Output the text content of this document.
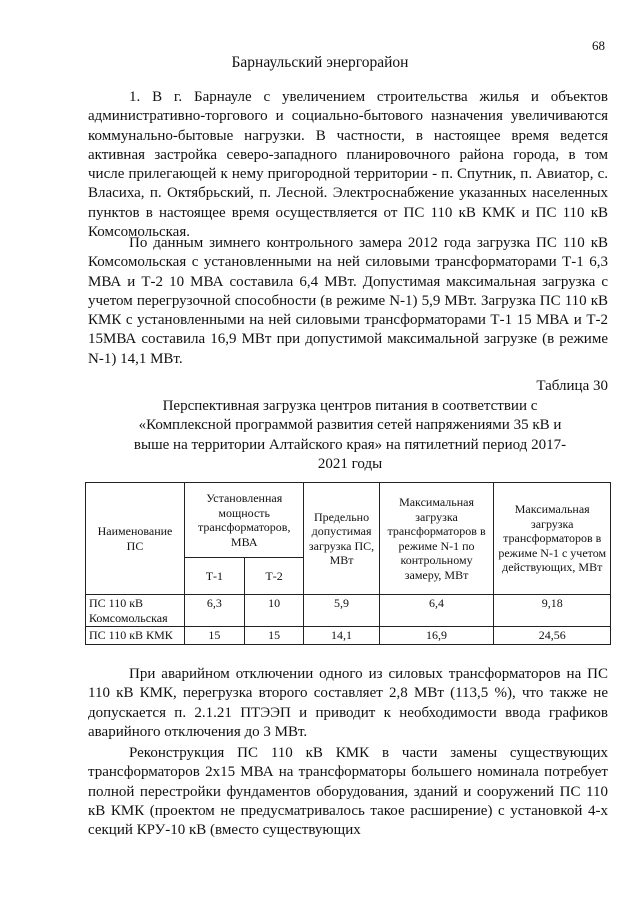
68
Барнаульский энергорайон

1. В г. Барнауле с увеличением строительства жилья и объектов административно-торгового и социально-бытового назначения увеличиваются коммунально-бытовые нагрузки. В частности, в настоящее время ведется активная застройка северо-западного планировочного района города, в том числе прилегающей к нему пригородной территории - п. Спутник, п. Авиатор, с. Власиха, п. Октябрьский, п. Лесной. Электроснабжение указанных населенных пунктов в настоящее время осуществляется от ПС 110 кВ КМК и ПС 110 кВ Комсомольская.

По данным зимнего контрольного замера 2012 года загрузка ПС 110 кВ Комсомольская с установленными на ней силовыми трансформаторами Т-1 6,3 МВА и Т-2 10 МВА составила 6,4 МВт. Допустимая максимальная загрузка с учетом перегрузочной способности (в режиме N-1) 5,9 МВт. Загрузка ПС 110 кВ КМК с установленными на ней силовыми трансформаторами Т-1 15 МВА и Т-2 15МВА составила 16,9 МВт при допустимой максимальной загрузке (в режиме N-1) 14,1 МВт.

Таблица 30
Перспективная загрузка центров питания в соответствии с «Комплексной программой развития сетей напряжениями 35 кВ и выше на территории Алтайского края» на пятилетний период 2017-2021 годы
Наименование ПС	Установленная мощность трансформаторов, МВА		Предельно допустимая загрузка ПС, МВт	Максимальная загрузка трансформаторов в режиме N-1 по контрольному замеру, МВт	Максимальная загрузка трансформаторов в режиме N-1 с учетом действующих, МВт
	Т-1	Т-2			
ПС 110 кВ Комсомольская	6,3	10	5,9	6,4	9,18
ПС 110 кВ КМК	15	15	14,1	16,9	24,56

При аварийном отключении одного из силовых трансформаторов на ПС 110 кВ КМК, перегрузка второго составляет 2,8 МВт (113,5 %), что также не допускается п. 2.1.21 ПТЭЭП и приводит к необходимости ввода графиков аварийного отключения до 3 МВт.

Реконструкция ПС 110 кВ КМК в части замены существующих трансформаторов 2х15 МВА на трансформаторы большего номинала потребует полной перестройки фундаментов оборудования, зданий и сооружений ПС 110 кВ КМК (проектом не предусматривалось такое расширение) с установкой 4-х секций КРУ-10 кВ (вместо существующих
